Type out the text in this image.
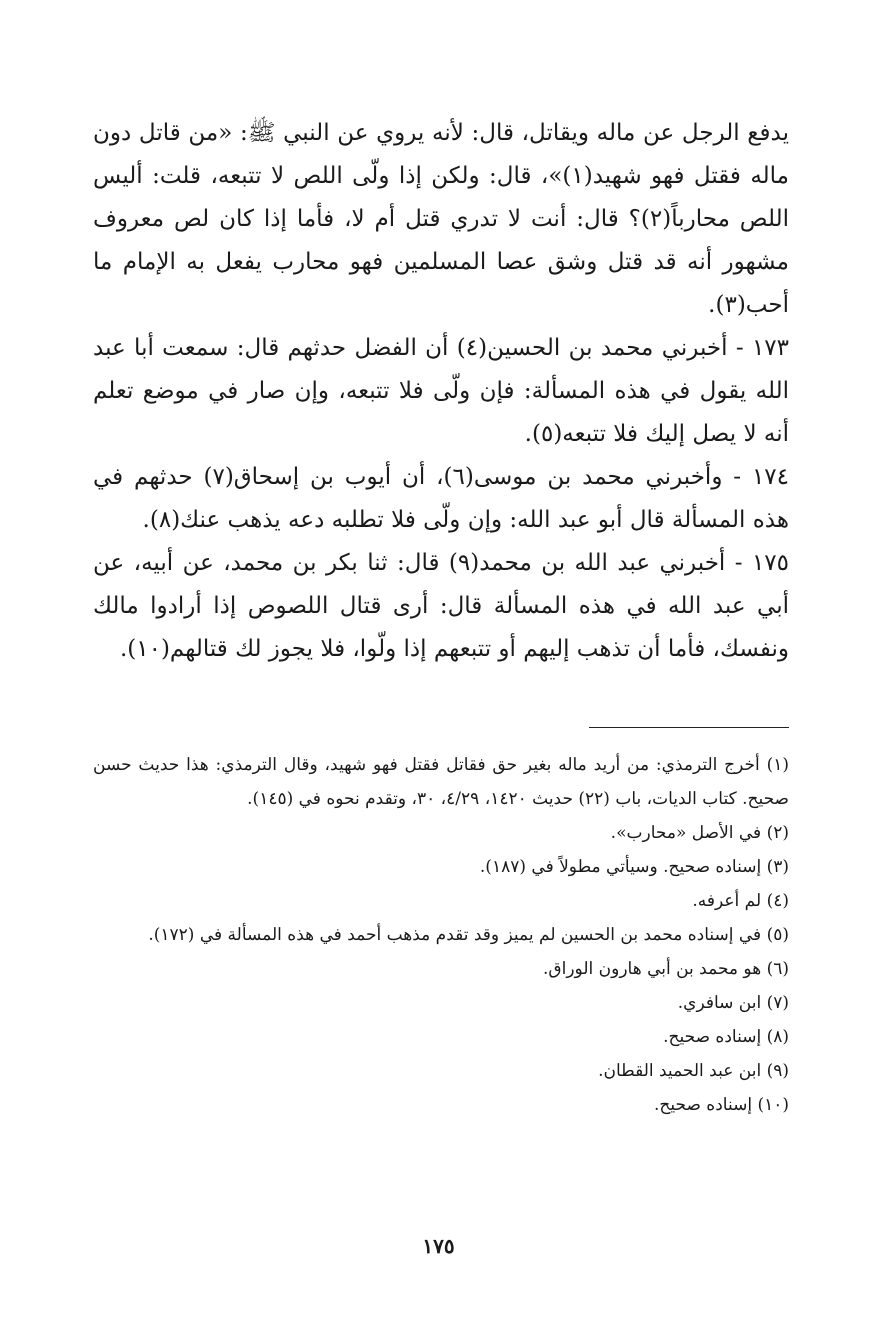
يدفع الرجل عن ماله ويقاتل، قال: لأنه يروي عن النبي ﷺ: «من قاتل دون ماله فقتل فهو شهيد(١)»، قال: ولكن إذا ولّى اللص لا تتبعه، قلت: أليس اللص محارباً(٢)؟ قال: أنت لا تدري قتل أم لا، فأما إذا كان لص معروف مشهور أنه قد قتل وشق عصا المسلمين فهو محارب يفعل به الإمام ما أحب(٣).

١٧٣ - أخبرني محمد بن الحسين(٤) أن الفضل حدثهم قال: سمعت أبا عبد الله يقول في هذه المسألة: فإن ولّى فلا تتبعه، وإن صار في موضع تعلم أنه لا يصل إليك فلا تتبعه(٥).

١٧٤ - وأخبرني محمد بن موسى(٦)، أن أيوب بن إسحاق(٧) حدثهم في هذه المسألة قال أبو عبد الله: وإن ولّى فلا تطلبه دعه يذهب عنك(٨).

١٧٥ - أخبرني عبد الله بن محمد(٩) قال: ثنا بكر بن محمد، عن أبيه، عن أبي عبد الله في هذه المسألة قال: أرى قتال اللصوص إذا أرادوا مالك ونفسك، فأما أن تذهب إليهم أو تتبعهم إذا ولّوا، فلا يجوز لك قتالهم(١٠).

(١) أخرج الترمذي: من أريد ماله بغير حق فقاتل فقتل فهو شهيد، وقال الترمذي: هذا حديث حسن صحيح. كتاب الديات، باب (٢٢) حديث ١٤٢٠، ٤/٢٩، ٣٠، وتقدم نحوه في (١٤٥).

(٢) في الأصل «محارب».

(٣) إسناده صحيح. وسيأتي مطولاً في (١٨٧).

(٤) لم أعرفه.

(٥) في إسناده محمد بن الحسين لم يميز وقد تقدم مذهب أحمد في هذه المسألة في (١٧٢).

(٦) هو محمد بن أبي هارون الوراق.

(٧) ابن سافري.

(٨) إسناده صحيح.

(٩) ابن عبد الحميد القطان.

(١٠) إسناده صحيح.

١٧٥
